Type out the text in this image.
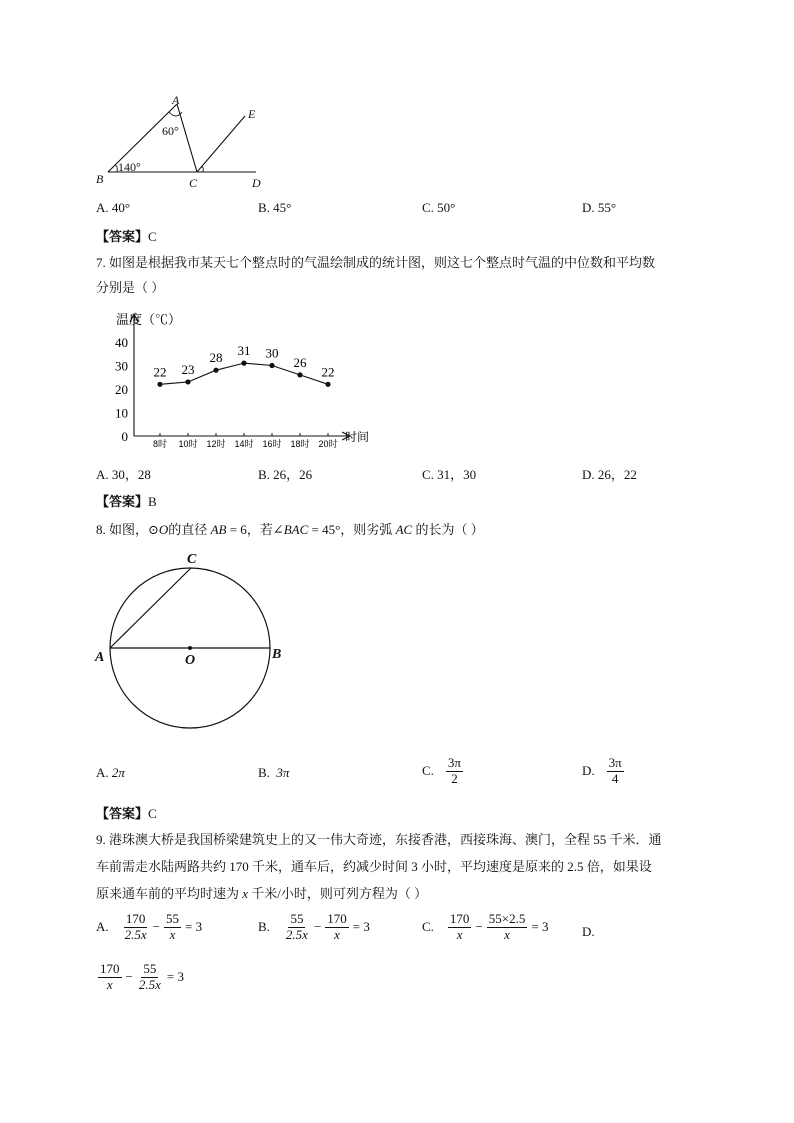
A
E
60°
140°
B	C	D
A. 40°	B. 45°	C. 50°	D. 55°
【答案】C
7. 如图是根据我市某天七个整点时的气温绘制成的统计图，则这七个整点时气温的中位数和平均数
分别是（ ）
温度（℃）
时间
0
10
20
30
40
8时 10时 12时 14时 16时 18时 20时
22 23
28 31 30
26
22
A. 30，28	B. 26，26	C. 31，30	D. 26，22
【答案】B
8. 如图，⊙O的直径 AB = 6，若∠BAC = 45°，则劣弧 AC 的长为（ ）
C
A	O	B
A. 2π	B. 3π	C. $\frac{3\pi}{2}$	D. $\frac{3\pi}{4}$
【答案】C
9. 港珠澳大桥是我国桥梁建筑史上的又一伟大奇迹，东接香港，西接珠海、澳门，全程 55 千米．通
车前需走水陆两路共约 170 千米，通车后，约减少时间 3 小时，平均速度是原来的 2.5 倍，如果设
原来通车前的平均时速为 x 千米/小时，则可列方程为（ ）
A. $\frac{170}{2.5x} - \frac{55}{x} = 3$	B. $\frac{55}{2.5x} - \frac{170}{x} = 3$	C. $\frac{170}{x} - \frac{55\times 2.5}{x} = 3$	D.
$\frac{170}{x} - \frac{55}{2.5x} = 3$
